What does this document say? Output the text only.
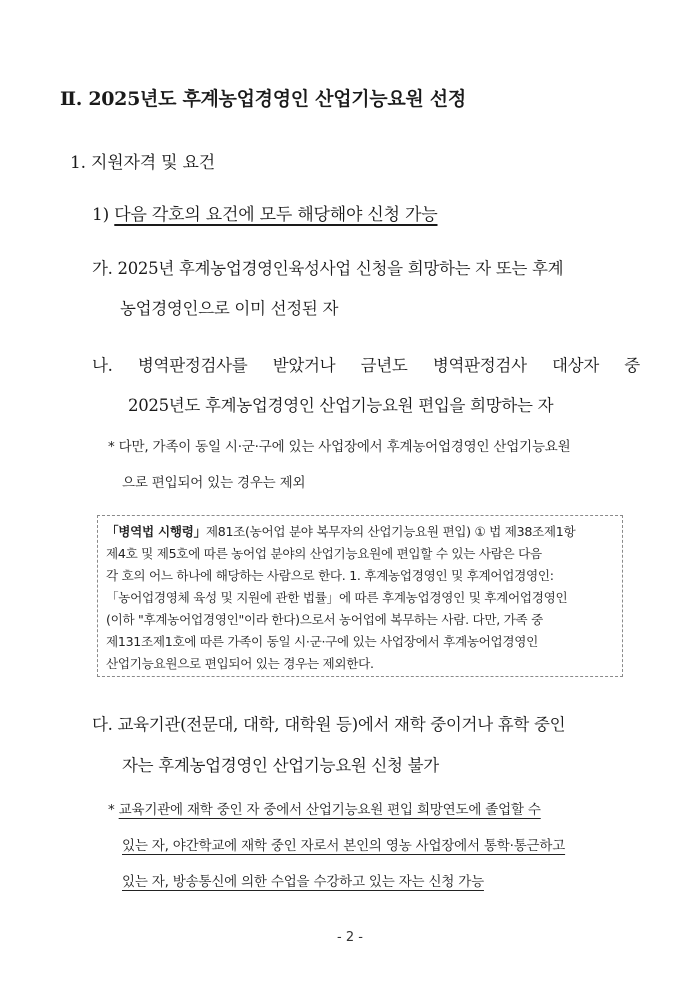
Ⅱ. 2025년도 후계농업경영인 산업기능요원 선정
1. 지원자격 및 요건
1) 다음 각호의 요건에 모두 해당해야 신청 가능
가. 2025년 후계농업경영인육성사업 신청을 희망하는 자 또는 후계
농업경영인으로 이미 선정된 자
나. 병역판정검사를 받았거나 금년도 병역판정검사 대상자 중
2025년도 후계농업경영인 산업기능요원 편입을 희망하는 자
* 다만, 가족이 동일 시·군·구에 있는 사업장에서 후계농어업경영인 산업기능요원
으로 편입되어 있는 경우는 제외
「병역법 시행령」 제81조(농어업 분야 복무자의 산업기능요원 편입) ① 법 제38조제1항
제4호 및 제5호에 따른 농어업 분야의 산업기능요원에 편입할 수 있는 사람은 다음
각 호의 어느 하나에 해당하는 사람으로 한다. 1. 후계농업경영인 및 후계어업경영인:
「농어업경영체 육성 및 지원에 관한 법률」에 따른 후계농업경영인 및 후계어업경영인
(이하 "후계농어업경영인"이라 한다)으로서 농어업에 복무하는 사람. 다만, 가족 중
제131조제1호에 따른 가족이 동일 시·군·구에 있는 사업장에서 후계농어업경영인
산업기능요원으로 편입되어 있는 경우는 제외한다.
다. 교육기관(전문대, 대학, 대학원 등)에서 재학 중이거나 휴학 중인
자는 후계농업경영인 산업기능요원 신청 불가
* 교육기관에 재학 중인 자 중에서 산업기능요원 편입 희망연도에 졸업할 수
있는 자, 야간학교에 재학 중인 자로서 본인의 영농 사업장에서 통학·통근하고
있는 자, 방송통신에 의한 수업을 수강하고 있는 자는 신청 가능
- 2 -
